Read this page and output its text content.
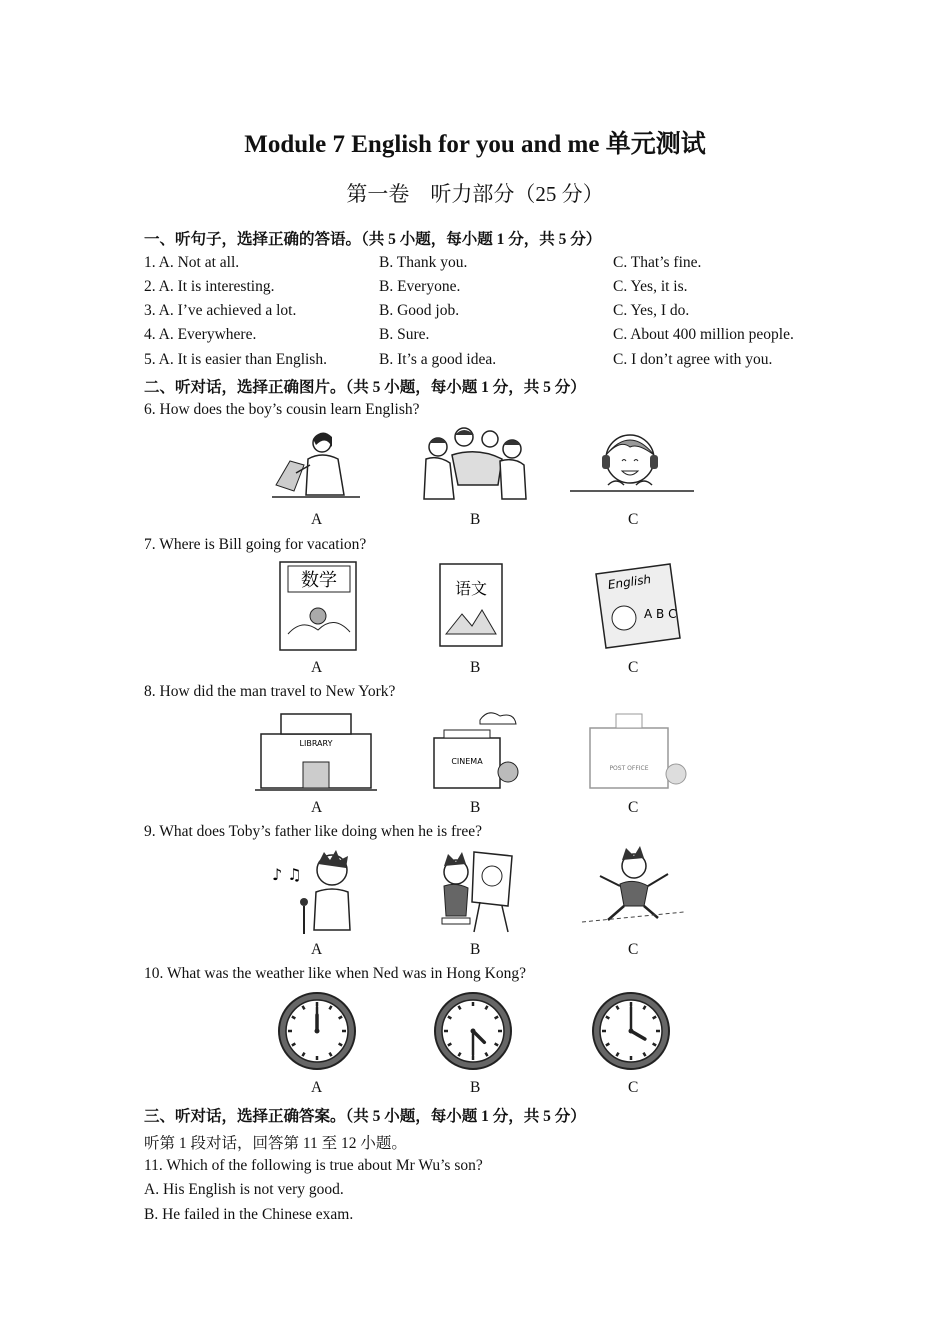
Module 7 English for you and me 单元测试
第一卷　听力部分（25 分）
一、听句子，选择正确的答语。（共 5 小题，每小题 1 分，共 5 分）
1. A. Not at all.	B. Thank you.	C. That’s fine.
2. A. It is interesting.	B. Everyone.	C. Yes, it is.
3. A. I’ve achieved a lot.	B. Good job.	C. Yes, I do.
4. A. Everywhere.	B. Sure.	C. About 400 million people.
5. A. It is easier than English.	B. It’s a good idea.	C. I don’t agree with you.
二、听对话，选择正确图片。（共 5 小题，每小题 1 分，共 5 分）
6. How does the boy’s cousin learn English?
A	B	C
7. Where is Bill going for vacation?
数学	语文	English
A B C
A	B	C
8. How did the man travel to New York?
LIBRARY
CINEMA
POST OFFICE
A	B	C
9. What does Toby’s father like doing when he is free?
♪ ♫
A	B	C
10. What was the weather like when Ned was in Hong Kong?
A	B	C
三、听对话，选择正确答案。（共 5 小题，每小题 1 分，共 5 分）
听第 1 段对话，回答第 11 至 12 小题。
11. Which of the following is true about Mr Wu’s son?
A. His English is not very good.
B. He failed in the Chinese exam.
